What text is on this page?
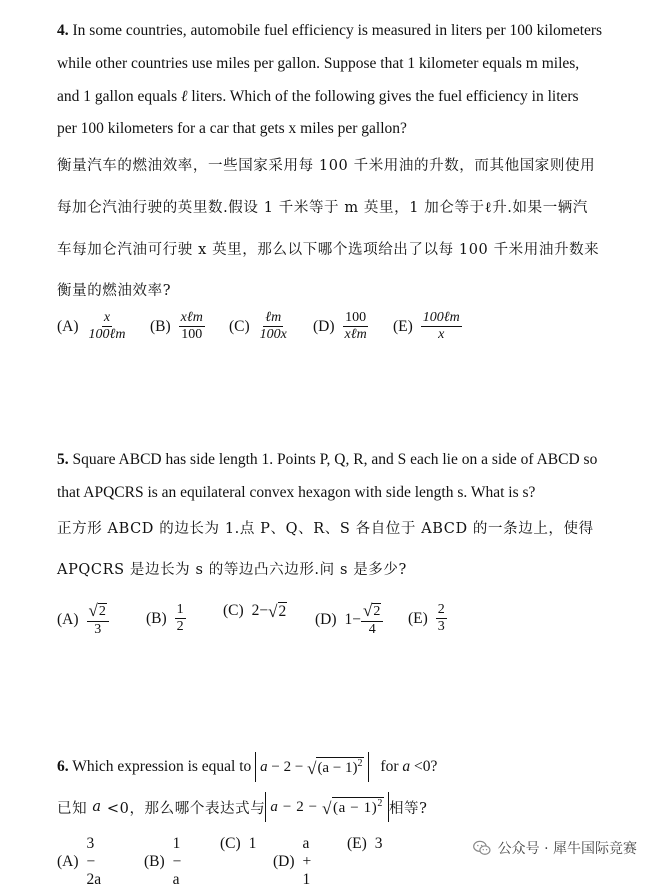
4. In some countries, automobile fuel efficiency is measured in liters per 100 kilometers
while other countries use miles per gallon. Suppose that 1 kilometer equals m miles,
and 1 gallon equals ℓ liters. Which of the following gives the fuel efficiency in liters
per 100 kilometers for a car that gets x miles per gallon?
衡量汽车的燃油效率，一些国家采用每 100 千米用油的升数，而其他国家则使用
每加仑汽油行驶的英里数.假设 1 千米等于 m 英里，1 加仑等于ℓ升.如果一辆汽
车每加仑汽油可行驶 x 英里，那么以下哪个选项给出了以每 100 千米用油升数来
衡量的燃油效率?
$(A) \frac{x}{\text{100ℓm}} (B) \frac{\text{xℓm}}{100} (C) \frac{\text{ℓm}}{100x} (D) \frac{100}{\text{xℓm}} (E) \frac{\text{100ℓm}}{x}$
5. Square ABCD has side length 1. Points P, Q, R, and S each lie on a side of ABCD so
that APQCRS is an equilateral convex hexagon with side length s. What is s?
正方形 ABCD 的边长为 1.点 P、Q、R、S 各自位于 ABCD 的一条边上，使得
APQCRS 是边长为 s 的等边凸六边形.问 s 是多少?
$(A) \frac{√ 2}{3} (B) \frac{1}{2} (C)$ 2− √ 2 (D) $1- \frac{√ 2}{4} (E) \frac{2}{3}$
6. Which expression is equal to a − 2 − √ $(a - 1)^2$ for a <0?
已知 a <0，那么哪个表达式与 a − 2 − √ $(a - 1)^2$ 相等?
(A)
3 − 2a
(B)
1 − a
(C) 1
(D)
a + 1
(E) 3	公众号 · 犀牛国际竞赛
